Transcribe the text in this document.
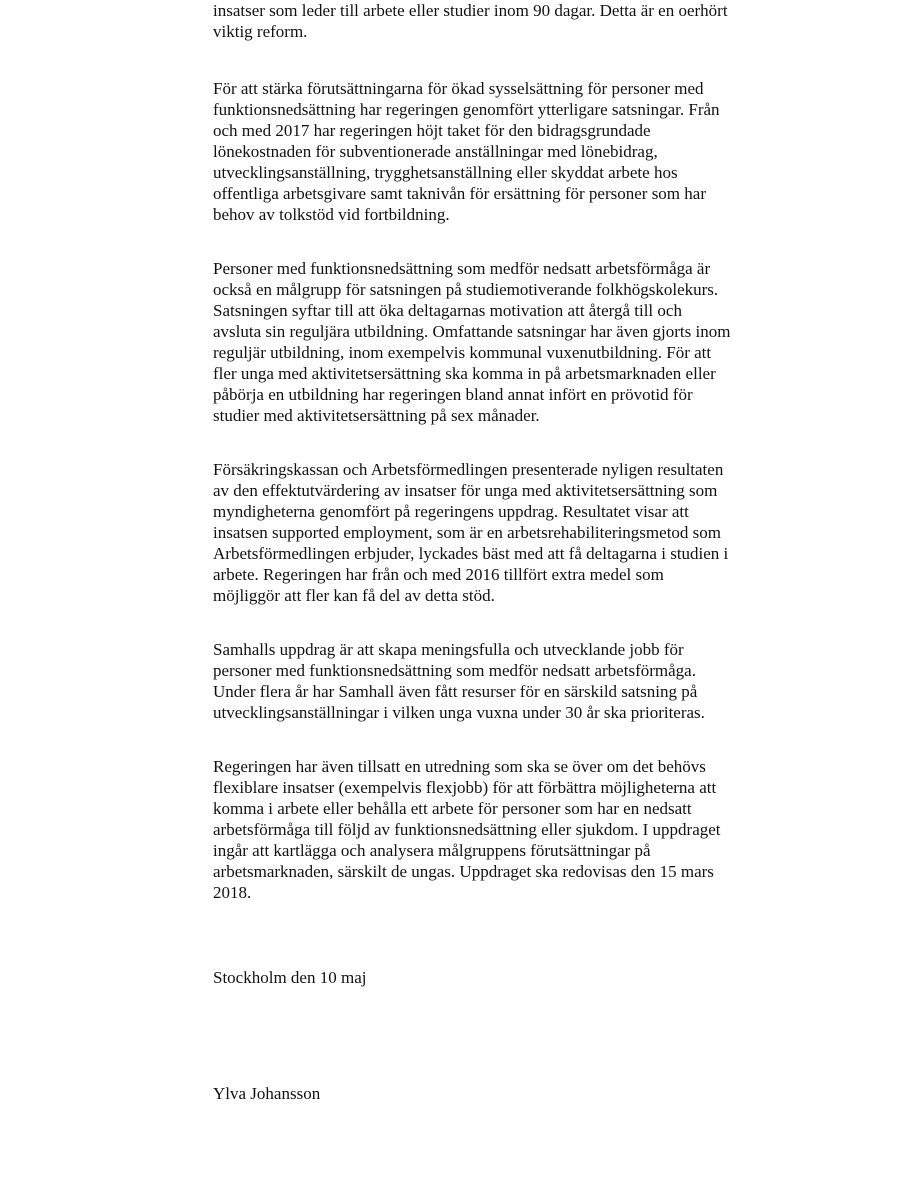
insatser som leder till arbete eller studier inom 90 dagar. Detta är en oerhört
viktig reform.

För att stärka förutsättningarna för ökad sysselsättning för personer med
funktionsnedsättning har regeringen genomfört ytterligare satsningar. Från
och med 2017 har regeringen höjt taket för den bidragsgrundade
lönekostnaden för subventionerade anställningar med lönebidrag,
utvecklingsanställning, trygghetsanställning eller skyddat arbete hos
offentliga arbetsgivare samt taknivån för ersättning för personer som har
behov av tolkstöd vid fortbildning.

Personer med funktionsnedsättning som medför nedsatt arbetsförmåga är
också en målgrupp för satsningen på studiemotiverande folkhögskolekurs.
Satsningen syftar till att öka deltagarnas motivation att återgå till och
avsluta sin reguljära utbildning. Omfattande satsningar har även gjorts inom
reguljär utbildning, inom exempelvis kommunal vuxenutbildning. För att
fler unga med aktivitetsersättning ska komma in på arbetsmarknaden eller
påbörja en utbildning har regeringen bland annat infört en prövotid för
studier med aktivitetsersättning på sex månader.

Försäkringskassan och Arbetsförmedlingen presenterade nyligen resultaten
av den effektutvärdering av insatser för unga med aktivitetsersättning som
myndigheterna genomfört på regeringens uppdrag. Resultatet visar att
insatsen supported employment, som är en arbetsrehabiliteringsmetod som
Arbetsförmedlingen erbjuder, lyckades bäst med att få deltagarna i studien i
arbete. Regeringen har från och med 2016 tillfört extra medel som
möjliggör att fler kan få del av detta stöd.

Samhalls uppdrag är att skapa meningsfulla och utvecklande jobb för
personer med funktionsnedsättning som medför nedsatt arbetsförmåga.
Under flera år har Samhall även fått resurser för en särskild satsning på
utvecklingsanställningar i vilken unga vuxna under 30 år ska prioriteras.

Regeringen har även tillsatt en utredning som ska se över om det behövs
flexiblare insatser (exempelvis flexjobb) för att förbättra möjligheterna att
komma i arbete eller behålla ett arbete för personer som har en nedsatt
arbetsförmåga till följd av funktionsnedsättning eller sjukdom. I uppdraget
ingår att kartlägga och analysera målgruppens förutsättningar på
arbetsmarknaden, särskilt de ungas. Uppdraget ska redovisas den 15 mars
2018.

Stockholm den 10 maj

Ylva Johansson
